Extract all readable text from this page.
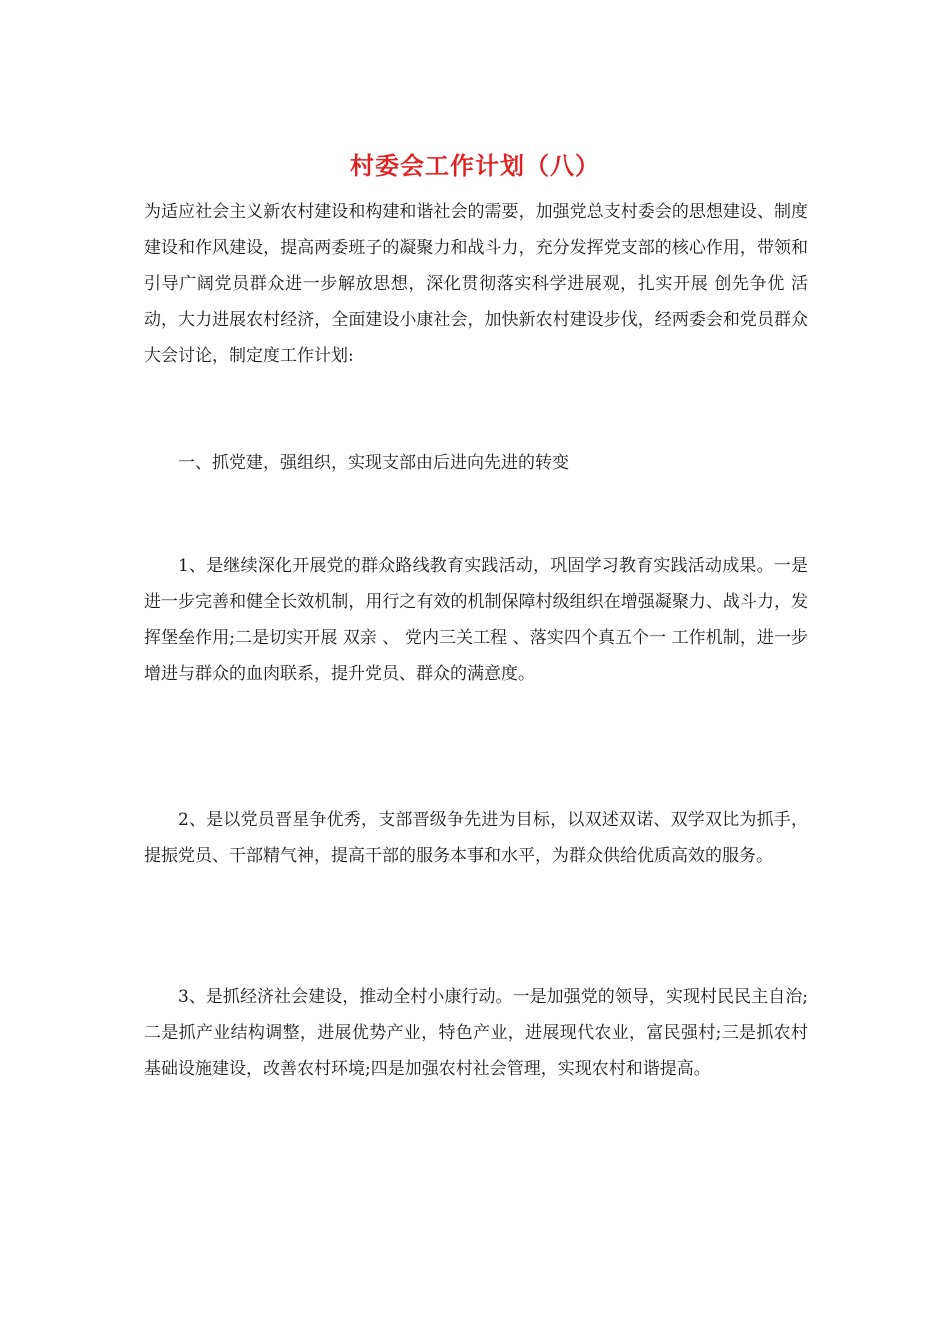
村委会工作计划（八）

为适应社会主义新农村建设和构建和谐社会的需要，加强党总支村委会的思想建设、制度建设和作风建设，提高两委班子的凝聚力和战斗力，充分发挥党支部的核心作用，带领和引导广阔党员群众进一步解放思想，深化贯彻落实科学进展观，扎实开展 创先争优 活动，大力进展农村经济，全面建设小康社会，加快新农村建设步伐，经两委会和党员群众大会讨论，制定度工作计划:

一、抓党建，强组织，实现支部由后进向先进的转变

1、是继续深化开展党的群众路线教育实践活动，巩固学习教育实践活动成果。一是进一步完善和健全长效机制，用行之有效的机制保障村级组织在增强凝聚力、战斗力，发挥堡垒作用;二是切实开展 双亲 、 党内三关工程 、落实四个真五个一 工作机制，进一步增进与群众的血肉联系，提升党员、群众的满意度。

2、是以党员晋星争优秀，支部晋级争先进为目标，以双述双诺、双学双比为抓手，提振党员、干部精气神，提高干部的服务本事和水平，为群众供给优质高效的服务。

3、是抓经济社会建设，推动全村小康行动。一是加强党的领导，实现村民民主自治;二是抓产业结构调整，进展优势产业，特色产业，进展现代农业，富民强村;三是抓农村基础设施建设，改善农村环境;四是加强农村社会管理，实现农村和谐提高。
